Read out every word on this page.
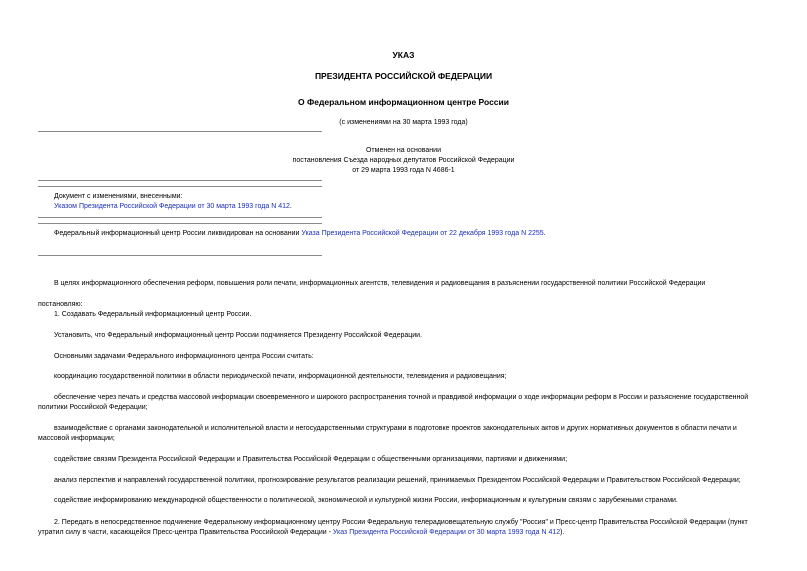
УКАЗ
ПРЕЗИДЕНТА РОССИЙСКОЙ ФЕДЕРАЦИИ
О Федеральном информационном центре России
(с изменениями на 30 марта 1993 года)
Отменен на основании
постановления Съезда народных депутатов Российской Федерации
от 29 марта 1993 года N 4686-1
Документ с изменениями, внесенными:
Указом Президента Российской Федерации от 30 марта 1993 года N 412.
Федеральный информационный центр России ликвидирован на основании Указа Президента Российской Федерации от 22 декабря 1993 года N 2255.
В целях информационного обеспечения реформ, повышения роли печати, информационных агентств, телевидения и радиовещания в разъяснении государственной политики Российской Федерации
постановляю:
1. Создавать Федеральный информационный центр России.
Установить, что Федеральный информационный центр России подчиняется Президенту Российской Федерации.
Основными задачами Федерального информационного центра России считать:
координацию государственной политики в области периодической печати, информационной деятельности, телевидения и радиовещания;
обеспечение через печать и средства массовой информации своевременного и широкого распространения точной и правдивой информации о ходе информации реформ в России и разъяснение государственной политики Российской Федерации;
взаимодействие с органами законодательной и исполнительной власти и негосударственными структурами в подготовке проектов законодательных актов и других нормативных документов в области печати и массовой информации;
содействие связям Президента Российской Федерации и Правительства Российской Федерации с общественными организациями, партиями и движениями;
анализ перспектив и направлений государственной политики, прогнозирование результатов реализации решений, принимаемых Президентом Российской Федерации и Правительством Российской Федерации;
содействие информированию международной общественности о политической, экономической и культурной жизни России, информационным и культурным связям с зарубежными странами.
2. Передать в непосредственное подчинение Федеральному информационному центру России Федеральную телерадиовещательную службу "Россия" и Пресс-центр Правительства Российской Федерации (пункт утратил силу в части, касающейся Пресс-центра Правительства Российской Федерации - Указ Президента Российской Федерации от 30 марта 1993 года N 412).
